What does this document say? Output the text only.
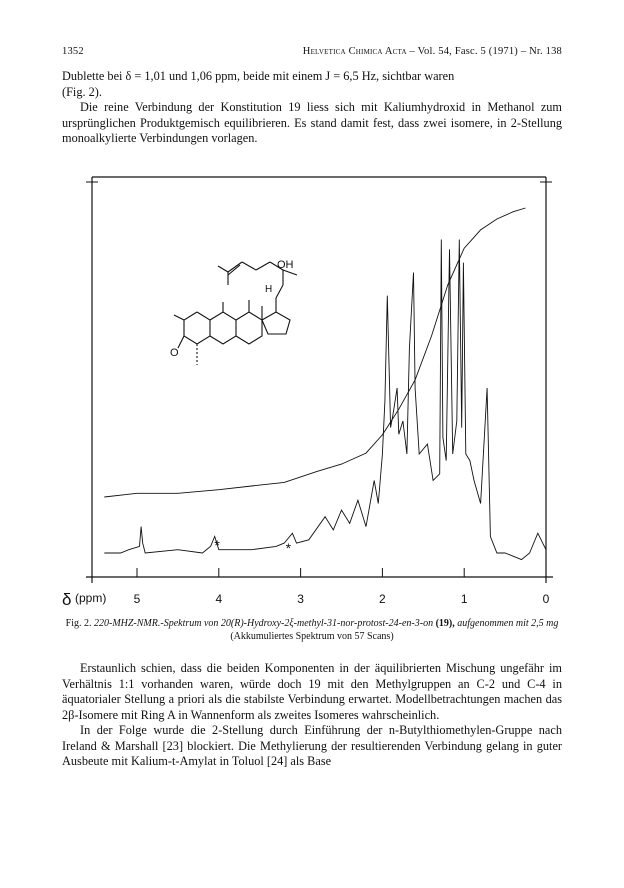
1352	Helvetica Chimica Acta – Vol. 54, Fasc. 5 (1971) – Nr. 138

Dublette bei δ = 1,01 und 1,06 ppm, beide mit einem J = 6,5 Hz, sichtbar waren

(Fig. 2).

Die reine Verbindung der Konstitution 19 liess sich mit Kaliumhydroxid in Methanol zum ursprünglichen Produktgemisch equilibrieren. Es stand damit fest, dass zwei isomere, in 2-Stellung monoalkylierte Verbindungen vorlagen.

5	4	3	2	1	0
*	*
OH
H
O
δ (ppm)
Fig. 2. 220-MHZ-NMR.-Spektrum von 20(R)-Hydroxy-2ξ-methyl-31-nor-protost-24-en-3-on (19), aufgenommen mit 2,5 mg (Akkumuliertes Spektrum von 57 Scans)

Erstaunlich schien, dass die beiden Komponenten in der äquilibrierten Mischung ungefähr im Verhältnis 1:1 vorhanden waren, würde doch 19 mit den Methylgruppen an C-2 und C-4 in äquatorialer Stellung a priori als die stabilste Verbindung erwartet. Modellbetrachtungen machen das 2β-Isomere mit Ring A in Wannenform als zweites Isomeres wahrscheinlich.

In der Folge wurde die 2-Stellung durch Einführung der n-Butylthiomethylen-Gruppe nach Ireland & Marshall [23] blockiert. Die Methylierung der resultierenden Verbindung gelang in guter Ausbeute mit Kalium-t-Amylat in Toluol [24] als Base
